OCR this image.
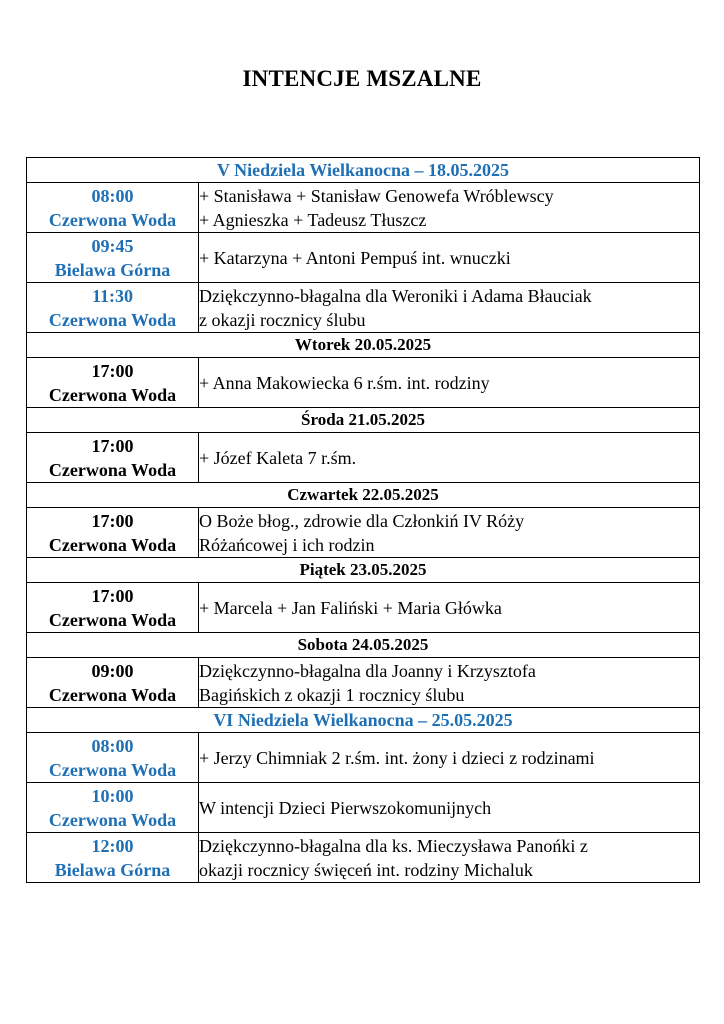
INTENCJE MSZALNE
V Niedziela Wielkanocna – 18.05.2025	

08:00
Czerwona Woda	+ Stanisława + Stanisław Genowefa Wróblewscy
+ Agnieszka + Tadeusz Tłuszcz

09:45
Bielawa Górna	+ Katarzyna + Antoni Pempuś int. wnuczki

11:30
Czerwona Woda	Dziękczynno-błagalna dla Weroniki i Adama Błauciak
z okazji rocznicy ślubu

Wtorek 20.05.2025	

17:00
Czerwona Woda	+ Anna Makowiecka 6 r.śm. int. rodziny

Środa 21.05.2025	

17:00
Czerwona Woda	+ Józef Kaleta 7 r.śm.

Czwartek 22.05.2025	

17:00
Czerwona Woda	O Boże błog., zdrowie dla Członkiń IV Róży
Różańcowej i ich rodzin

Piątek 23.05.2025	

17:00
Czerwona Woda	+ Marcela + Jan Faliński + Maria Główka

Sobota 24.05.2025	

09:00
Czerwona Woda	Dziękczynno-błagalna dla Joanny i Krzysztofa
Bagińskich z okazji 1 rocznicy ślubu

VI Niedziela Wielkanocna – 25.05.2025	

08:00
Czerwona Woda	+ Jerzy Chimniak 2 r.śm. int. żony i dzieci z rodzinami

10:00
Czerwona Woda	W intencji Dzieci Pierwszokomunijnych

12:00
Bielawa Górna	Dziękczynno-błagalna dla ks. Mieczysława Panońki z
okazji rocznicy święceń int. rodziny Michaluk
